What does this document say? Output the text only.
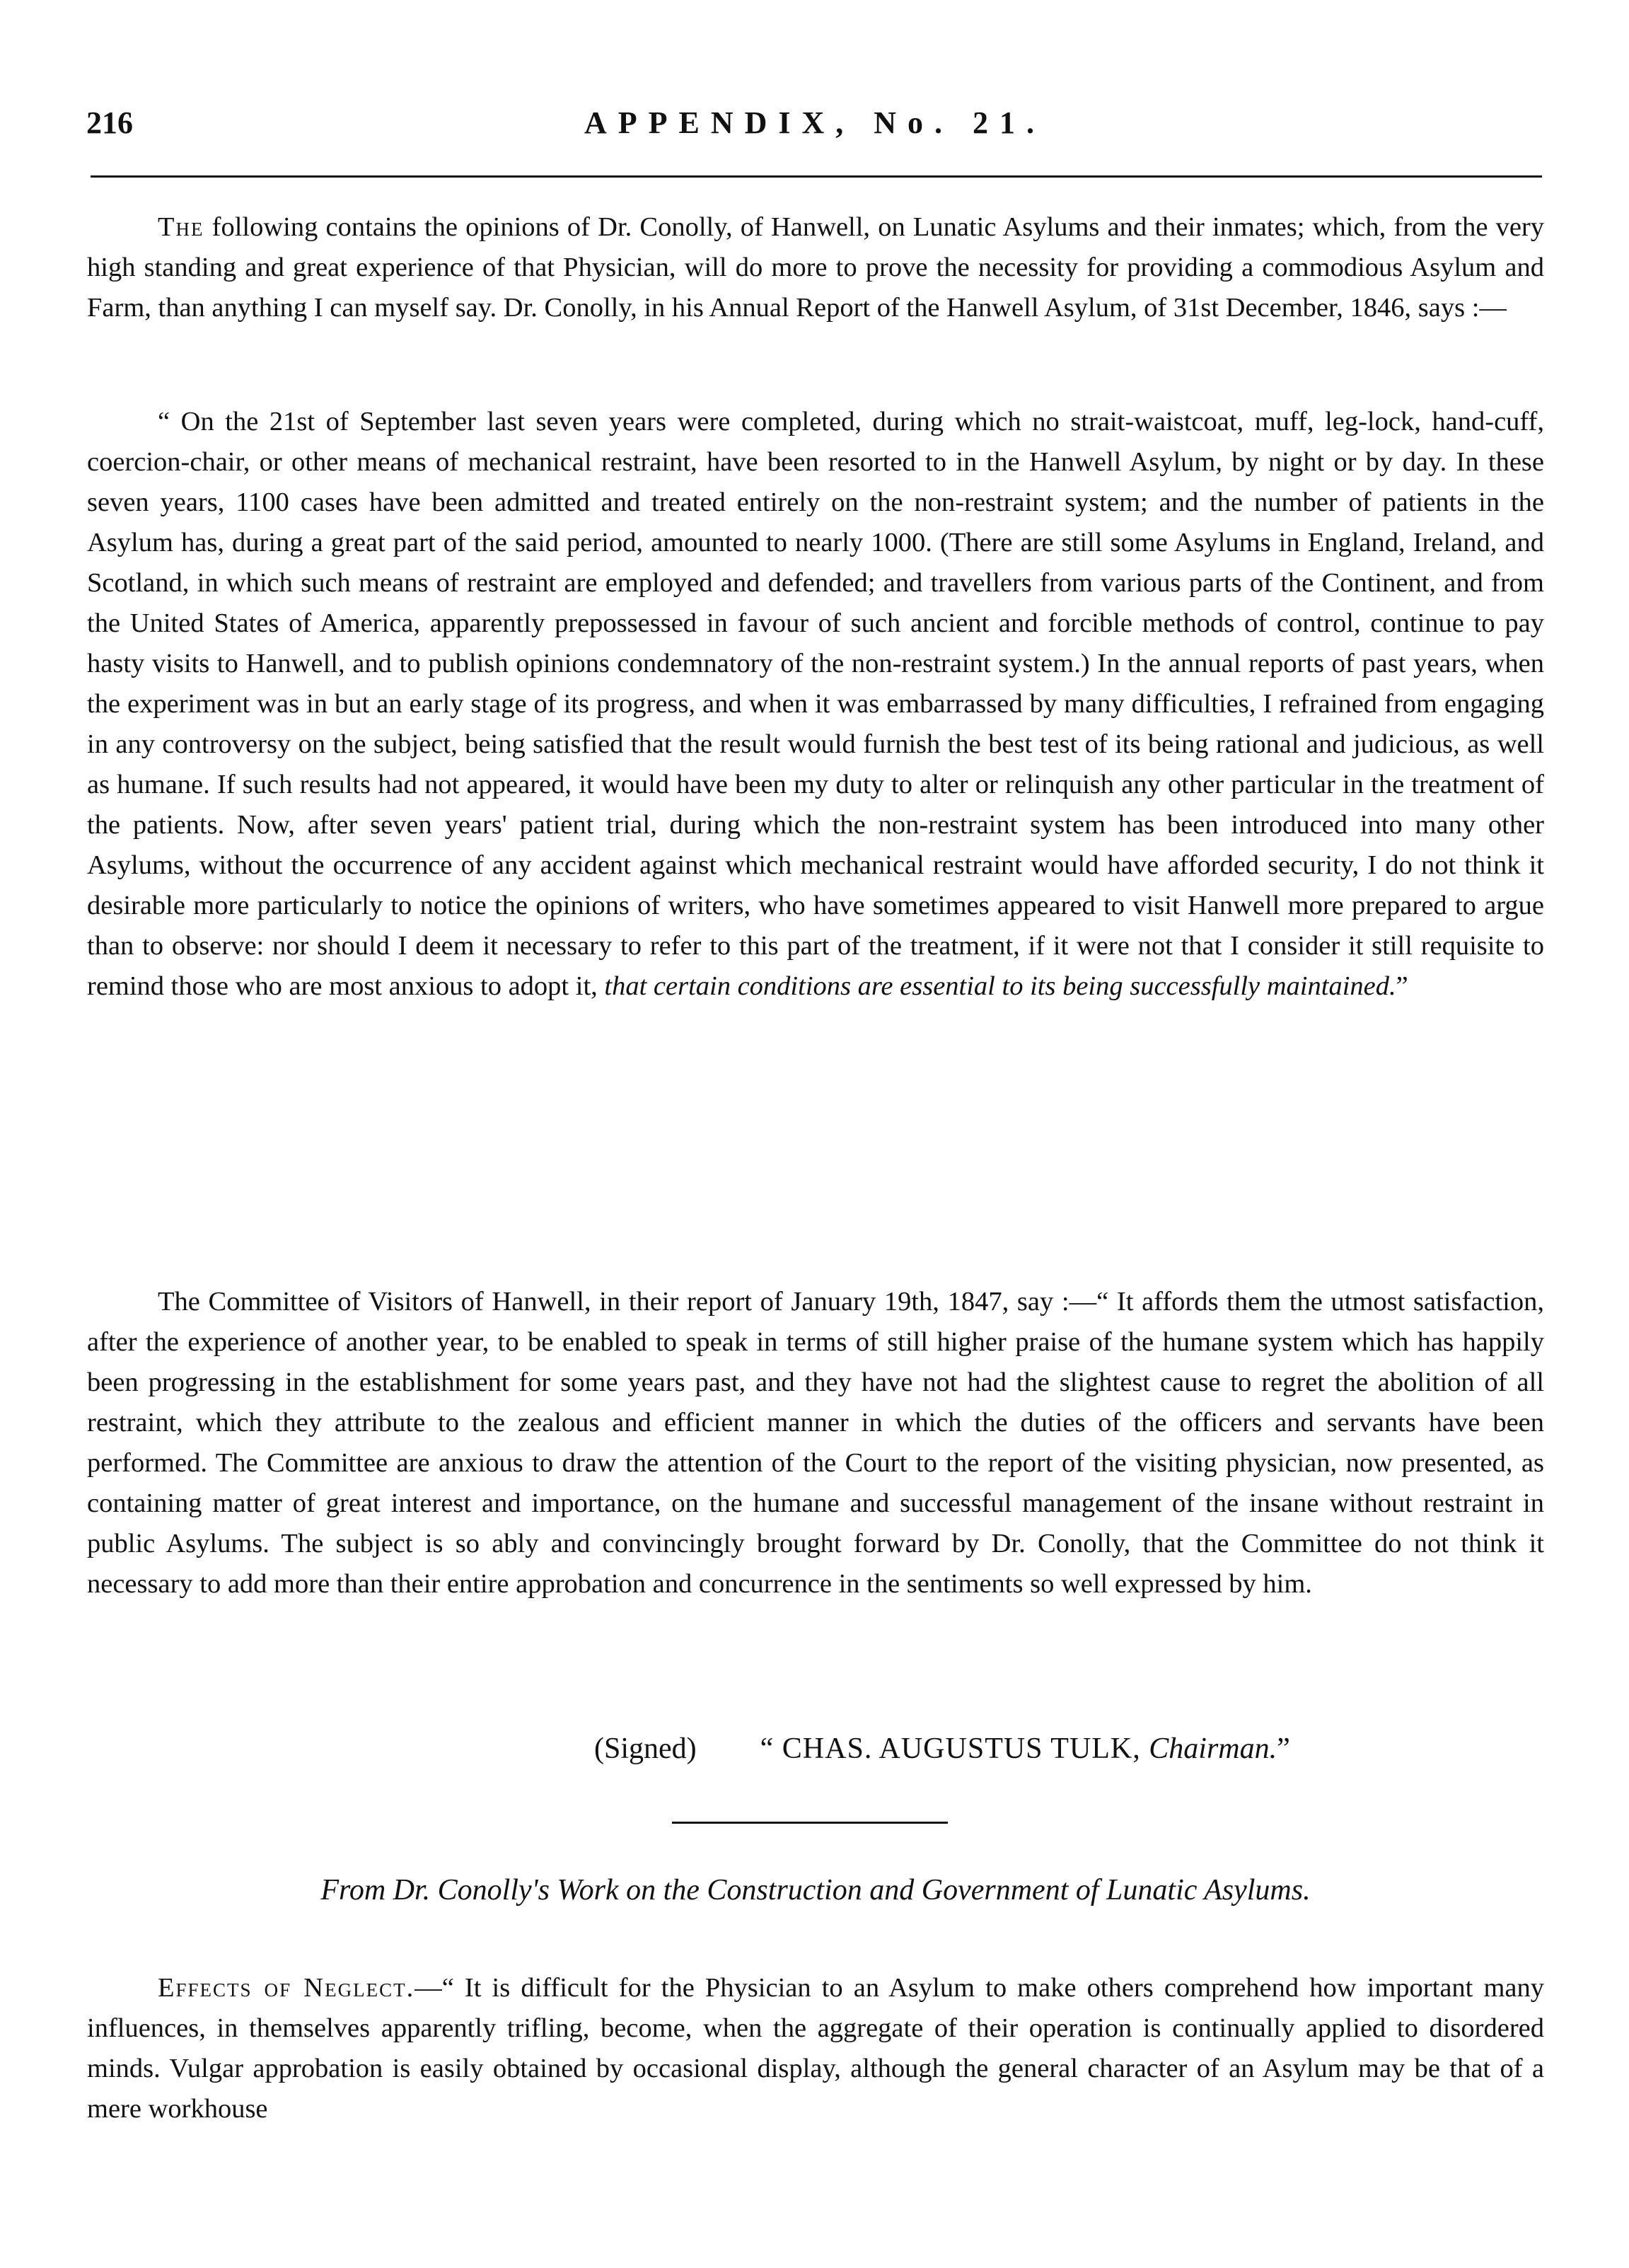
216	APPENDIX, No. 21.

The following contains the opinions of Dr. Conolly, of Hanwell, on Lunatic Asylums and their inmates; which, from the very high standing and great experience of that Physician, will do more to prove the necessity for providing a commodious Asylum and Farm, than anything I can myself say. Dr. Conolly, in his Annual Report of the Hanwell Asylum, of 31st December, 1846, says :—

“ On the 21st of September last seven years were completed, during which no strait-waistcoat, muff, leg-lock, hand-cuff, coercion-chair, or other means of mechanical restraint, have been resorted to in the Hanwell Asylum, by night or by day. In these seven years, 1100 cases have been admitted and treated entirely on the non-restraint system; and the number of patients in the Asylum has, during a great part of the said period, amounted to nearly 1000. (There are still some Asylums in England, Ireland, and Scotland, in which such means of restraint are employed and defended; and travellers from various parts of the Continent, and from the United States of America, apparently prepossessed in favour of such ancient and forcible methods of control, continue to pay hasty visits to Hanwell, and to publish opinions condemnatory of the non-restraint system.) In the annual reports of past years, when the experiment was in but an early stage of its progress, and when it was embarrassed by many difficulties, I refrained from engaging in any controversy on the subject, being satisfied that the result would furnish the best test of its being rational and judicious, as well as humane. If such results had not appeared, it would have been my duty to alter or relinquish any other particular in the treatment of the patients. Now, after seven years' patient trial, during which the non-restraint system has been introduced into many other Asylums, without the occurrence of any accident against which mechanical restraint would have afforded security, I do not think it desirable more particularly to notice the opinions of writers, who have sometimes appeared to visit Hanwell more prepared to argue than to observe: nor should I deem it necessary to refer to this part of the treatment, if it were not that I consider it still requisite to remind those who are most anxious to adopt it, that certain conditions are essential to its being successfully maintained.”

The Committee of Visitors of Hanwell, in their report of January 19th, 1847, say :—“ It affords them the utmost satisfaction, after the experience of another year, to be enabled to speak in terms of still higher praise of the humane system which has happily been progressing in the establishment for some years past, and they have not had the slightest cause to regret the abolition of all restraint, which they attribute to the zealous and efficient manner in which the duties of the officers and servants have been performed. The Committee are anxious to draw the attention of the Court to the report of the visiting physician, now presented, as containing matter of great interest and importance, on the humane and successful management of the insane without restraint in public Asylums. The subject is so ably and convincingly brought forward by Dr. Conolly, that the Committee do not think it necessary to add more than their entire approbation and concurrence in the sentiments so well expressed by him.

(Signed) “ CHAS. AUGUSTUS TULK, Chairman.”
From Dr. Conolly's Work on the Construction and Government of Lunatic Asylums.

Effects of Neglect.—“ It is difficult for the Physician to an Asylum to make others comprehend how important many influences, in themselves apparently trifling, become, when the aggregate of their operation is continually applied to disordered minds. Vulgar approbation is easily obtained by occasional display, although the general character of an Asylum may be that of a mere workhouse
